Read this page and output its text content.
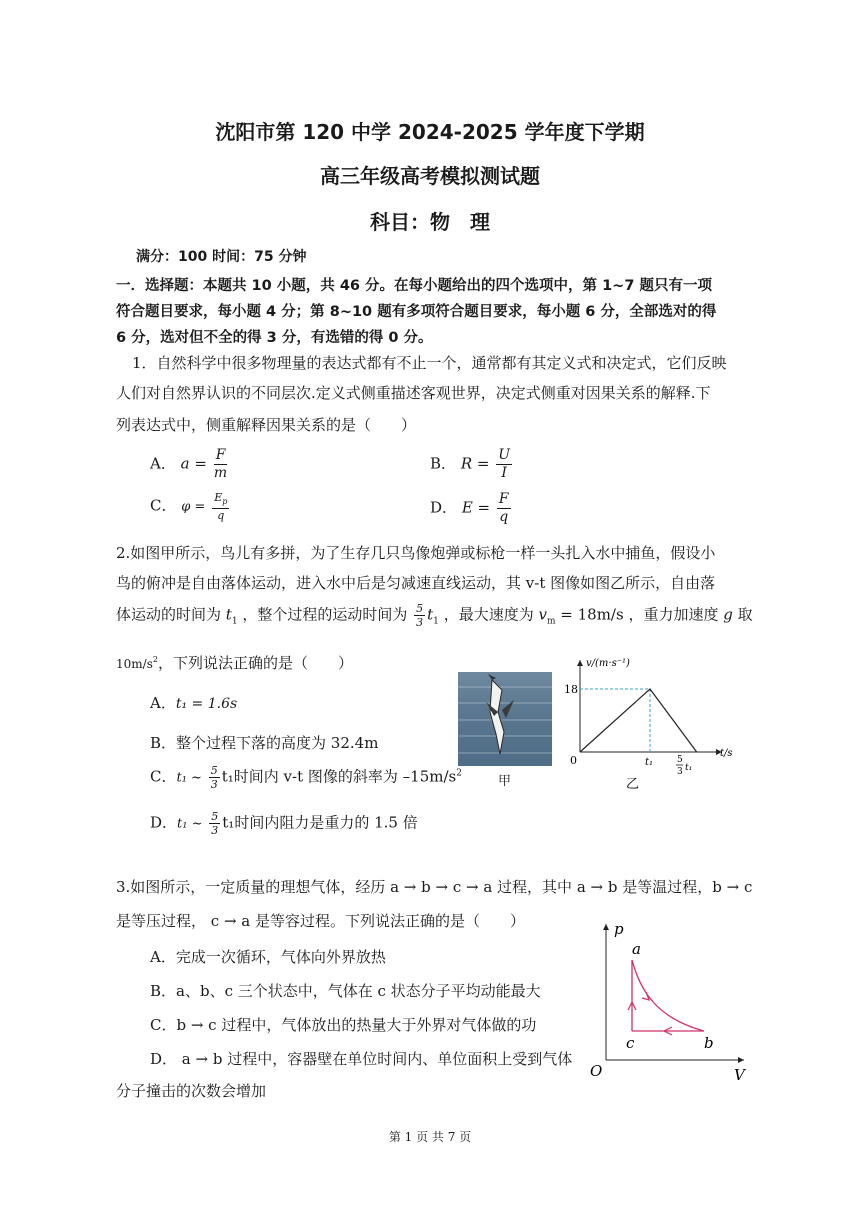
沈阳市第 120 中学 2024-2025 学年度下学期
高三年级高考模拟测试题
科目：物　理
满分：100 时间：75 分钟
一．选择题：本题共 10 小题，共 46 分。在每小题给出的四个选项中，第 1~7 题只有一项
符合题目要求，每小题 4 分；第 8~10 题有多项符合题目要求，每小题 6 分，全部选对的得
6 分，选对但不全的得 3 分，有选错的得 0 分。
1．自然科学中很多物理量的表达式都有不止一个，通常都有其定义式和决定式，它们反映
人们对自然界认识的不同层次.定义式侧重描述客观世界，决定式侧重对因果关系的解释.下
列表达式中，侧重解释因果关系的是（　　）
A． $a = \frac{F}{m}$	B． $R = \frac{U}{I}$
C． $\varphi = \frac{E_p}{q}$	D． $E = \frac{F}{q}$
2.如图甲所示，鸟儿有多拼，为了生存几只鸟像炮弹或标枪一样一头扎入水中捕鱼，假设小
鸟的俯冲是自由落体运动，进入水中后是匀减速直线运动，其 v-t 图像如图乙所示，自由落
体运动的时间为 $t_1$ ，整个过程的运动时间为 $\frac{5}{3} t_1$ ，最大速度为 $v_m = 18m/s$ ，重力加速度 g 取
$10m/s^2$，下列说法正确的是（　　）
A．t₁ = 1.6s
B．整个过程下落的高度为 32.4m
C．t₁ ~ $\frac{5}{3} t_1$时间内 v-t 图像的斜率为 $-15m/s^2$
D．t₁ ~ $\frac{5}{3} t_1$时间内阻力是重力的 1.5 倍
甲
18
0
v/(m·s⁻¹)
t/s
t₁	5
3 t₁
乙
3.如图所示，一定质量的理想气体，经历 a → b → c → a 过程，其中 a → b 是等温过程，b → c
是等压过程， c → a 是等容过程。下列说法正确的是（　　）
A．完成一次循环，气体向外界放热
B．a、b、c 三个状态中，气体在 c 状态分子平均动能最大
C．b → c 过程中，气体放出的热量大于外界对气体做的功
D． a → b 过程中，容器壁在单位时间内、单位面积上受到气体
分子撞击的次数会增加
p
V
O
a
b
c
第 1 页 共 7 页
